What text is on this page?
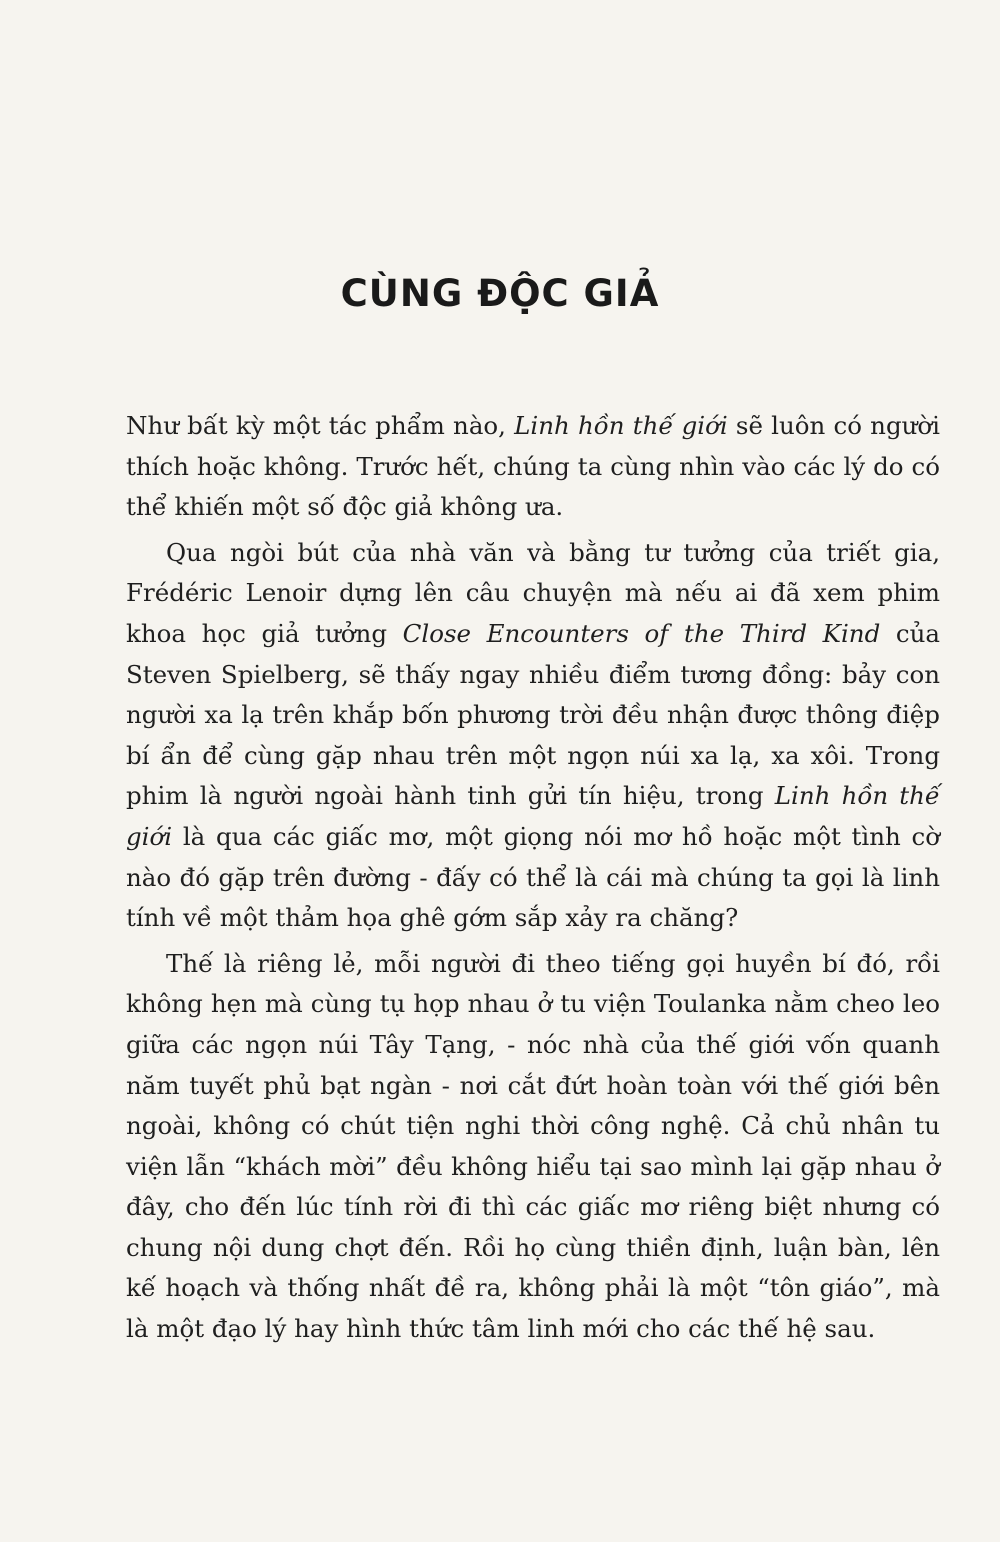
CÙNG ĐỘC GIẢ

Như bất kỳ một tác phẩm nào, Linh hồn thế giới sẽ luôn có người thích hoặc không. Trước hết, chúng ta cùng nhìn vào các lý do có thể khiến một số độc giả không ưa.

Qua ngòi bút của nhà văn và bằng tư tưởng của triết gia, Frédéric Lenoir dựng lên câu chuyện mà nếu ai đã xem phim khoa học giả tưởng Close Encounters of the Third Kind của Steven Spielberg, sẽ thấy ngay nhiều điểm tương đồng: bảy con người xa lạ trên khắp bốn phương trời đều nhận được thông điệp bí ẩn để cùng gặp nhau trên một ngọn núi xa lạ, xa xôi. Trong phim là người ngoài hành tinh gửi tín hiệu, trong Linh hồn thế giới là qua các giấc mơ, một giọng nói mơ hồ hoặc một tình cờ nào đó gặp trên đường - đấy có thể là cái mà chúng ta gọi là linh tính về một thảm họa ghê gớm sắp xảy ra chăng?

Thế là riêng lẻ, mỗi người đi theo tiếng gọi huyền bí đó, rồi không hẹn mà cùng tụ họp nhau ở tu viện Toulanka nằm cheo leo giữa các ngọn núi Tây Tạng, - nóc nhà của thế giới vốn quanh năm tuyết phủ bạt ngàn - nơi cắt đứt hoàn toàn với thế giới bên ngoài, không có chút tiện nghi thời công nghệ. Cả chủ nhân tu viện lẫn “khách mời” đều không hiểu tại sao mình lại gặp nhau ở đây, cho đến lúc tính rời đi thì các giấc mơ riêng biệt nhưng có chung nội dung chợt đến. Rồi họ cùng thiền định, luận bàn, lên kế hoạch và thống nhất đề ra, không phải là một “tôn giáo”, mà là một đạo lý hay hình thức tâm linh mới cho các thế hệ sau.
